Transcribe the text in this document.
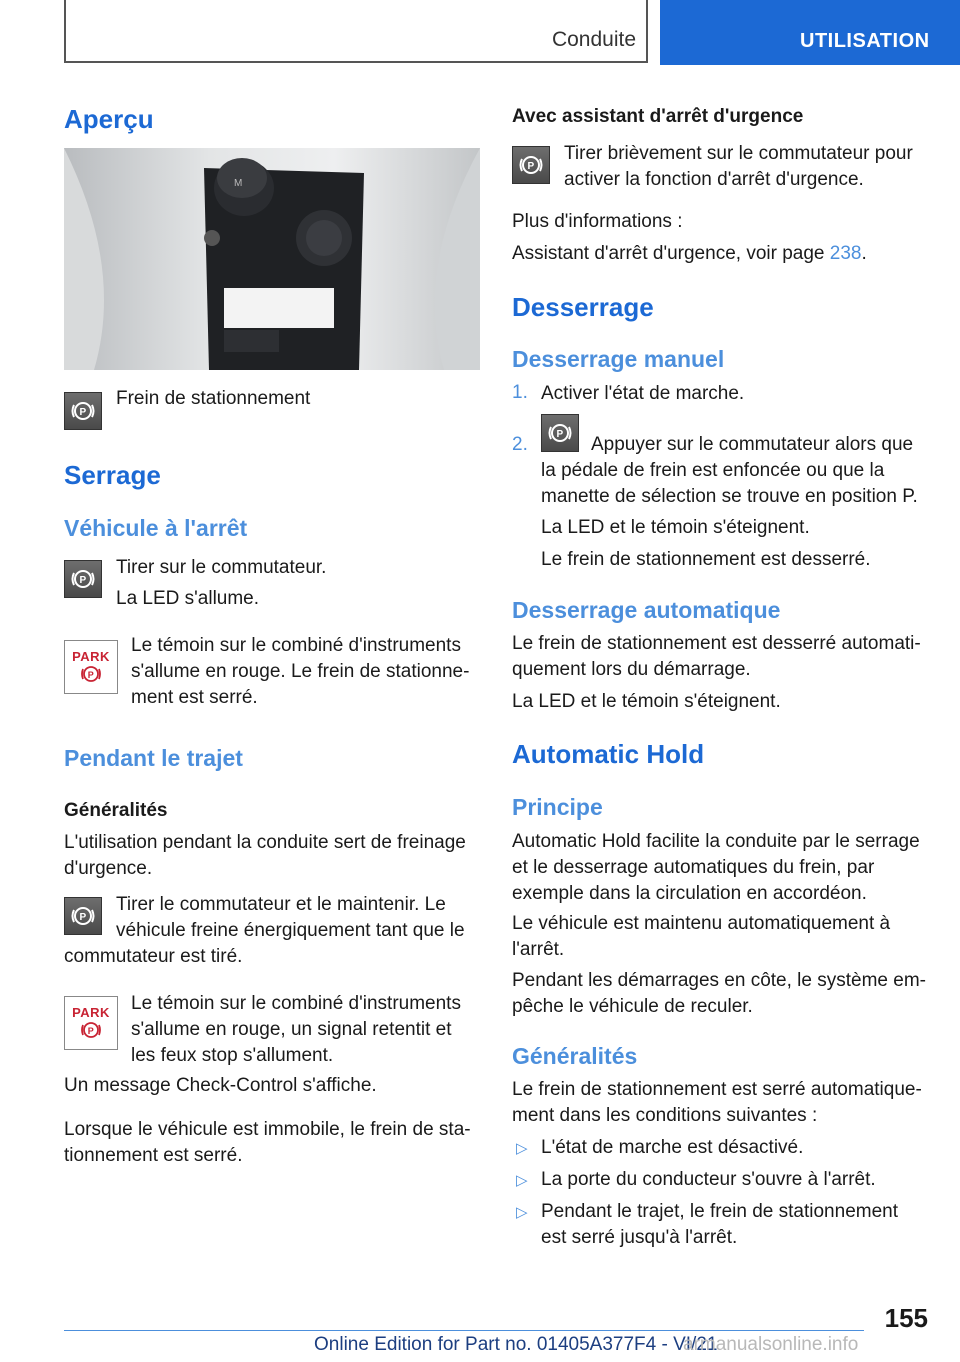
Conduite	UTILISATION
Aperçu
M
P
Frein de stationnement
Serrage
Véhicule à l'arrêt
P
Tirer sur le commutateur.
La LED s'allume.
PARK
P
Le témoin sur le combiné d'instruments
s'allume en rouge. Le frein de stationne-
ment est serré.
Pendant le trajet
Généralités
L'utilisation pendant la conduite sert de freinage
d'urgence.
P
Tirer le commutateur et le maintenir. Le
véhicule freine énergiquement tant que le
commutateur est tiré.
PARK
P
Le témoin sur le combiné d'instruments
s'allume en rouge, un signal retentit et
les feux stop s'allument.
Un message Check-Control s'affiche.
Lorsque le véhicule est immobile, le frein de sta-
tionnement est serré.
Avec assistant d'arrêt d'urgence
P
Tirer brièvement sur le commutateur pour
activer la fonction d'arrêt d'urgence.
Plus d'informations :
Assistant d'arrêt d'urgence, voir page 238.
Desserrage
Desserrage manuel
1. Activer l'état de marche.
2.	P Appuyer sur le commutateur alors que
la pédale de frein est enfoncée ou que la
manette de sélection se trouve en position P.
La LED et le témoin s'éteignent.
Le frein de stationnement est desserré.
Desserrage automatique
Le frein de stationnement est desserré automati-
quement lors du démarrage.
La LED et le témoin s'éteignent.
Automatic Hold
Principe
Automatic Hold facilite la conduite par le serrage
et le desserrage automatiques du frein, par
exemple dans la circulation en accordéon.
Le véhicule est maintenu automatiquement à
l'arrêt.
Pendant les démarrages en côte, le système em-
pêche le véhicule de reculer.
Généralités
Le frein de stationnement est serré automatique-
ment dans les conditions suivantes :
▷ L'état de marche est désactivé.
▷ La porte du conducteur s'ouvre à l'arrêt.
▷ Pendant le trajet, le frein de stationnement
est serré jusqu'à l'arrêt.
155
Online Edition for Part no. 01405A377F4 - VI/21
armanualsonline.info
